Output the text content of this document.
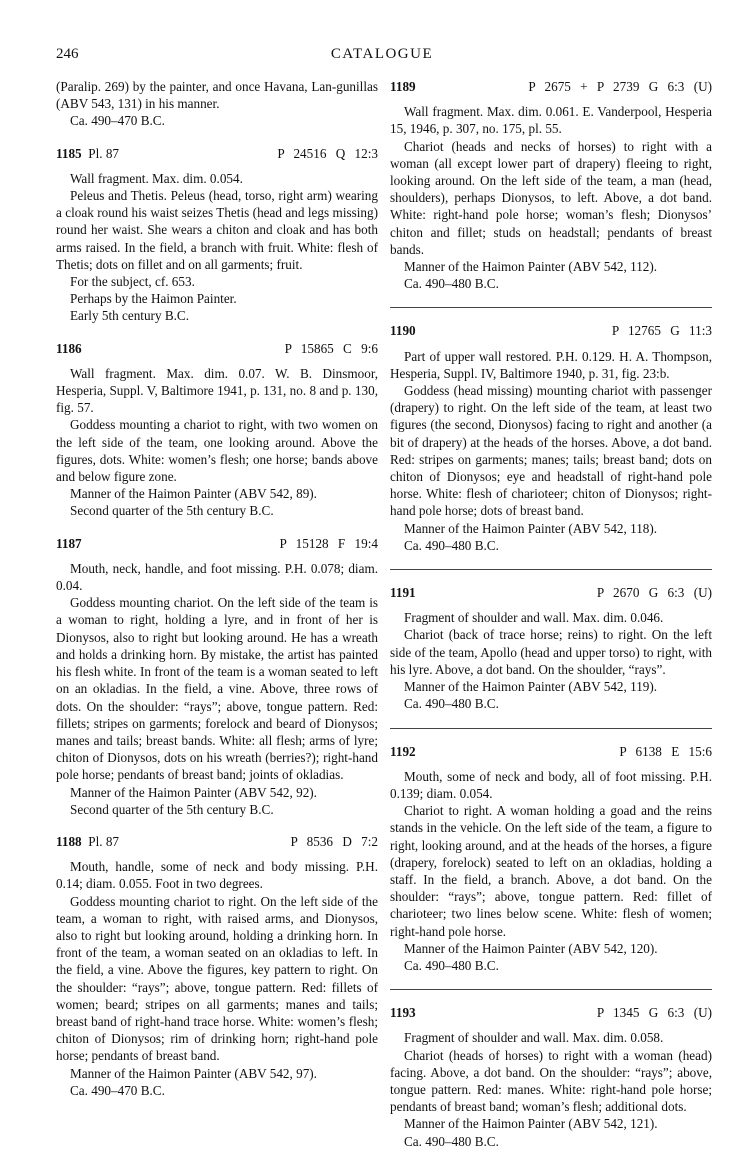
246	CATALOGUE

(Paralip. 269) by the painter, and once Havana, Lan-gunillas (ABV 543, 131) in his manner.

Ca. 490–470 B.C.

1185 Pl. 87	P 24516 Q 12:3

Wall fragment. Max. dim. 0.054.

Peleus and Thetis. Peleus (head, torso, right arm) wearing a cloak round his waist seizes Thetis (head and legs missing) round her waist. She wears a chiton and cloak and has both arms raised. In the field, a branch with fruit. White: flesh of Thetis; dots on fillet and on all garments; fruit.

For the subject, cf. 653.

Perhaps by the Haimon Painter.

Early 5th century B.C.

1186	P 15865 C 9:6

Wall fragment. Max. dim. 0.07. W. B. Dinsmoor, Hesperia, Suppl. V, Baltimore 1941, p. 131, no. 8 and p. 130, fig. 57.

Goddess mounting a chariot to right, with two women on the left side of the team, one looking around. Above the figures, dots. White: women’s flesh; one horse; bands above and below figure zone.

Manner of the Haimon Painter (ABV 542, 89).

Second quarter of the 5th century B.C.

1187	P 15128 F 19:4

Mouth, neck, handle, and foot missing. P.H. 0.078; diam. 0.04.

Goddess mounting chariot. On the left side of the team is a woman to right, holding a lyre, and in front of her is Dionysos, also to right but looking around. He has a wreath and holds a drinking horn. By mistake, the artist has painted his flesh white. In front of the team is a woman seated to left on an okladias. In the field, a vine. Above, three rows of dots. On the shoulder: “rays”; above, tongue pattern. Red: fillets; stripes on garments; forelock and beard of Dionysos; manes and tails; breast bands. White: all flesh; arms of lyre; chiton of Dionysos, dots on his wreath (berries?); right-hand pole horse; pendants of breast band; joints of okladias.

Manner of the Haimon Painter (ABV 542, 92).

Second quarter of the 5th century B.C.

1188 Pl. 87	P 8536 D 7:2

Mouth, handle, some of neck and body missing. P.H. 0.14; diam. 0.055. Foot in two degrees.

Goddess mounting chariot to right. On the left side of the team, a woman to right, with raised arms, and Dionysos, also to right but looking around, holding a drinking horn. In front of the team, a woman seated on an okladias to left. In the field, a vine. Above the figures, key pattern to right. On the shoulder: “rays”; above, tongue pattern. Red: fillets of women; beard; stripes on all garments; manes and tails; breast band of right-hand trace horse. White: women’s flesh; chiton of Dionysos; rim of drinking horn; right-hand pole horse; pendants of breast band.

Manner of the Haimon Painter (ABV 542, 97).

Ca. 490–470 B.C.

1189	P 2675 + P 2739 G 6:3 (U)

Wall fragment. Max. dim. 0.061. E. Vanderpool, Hesperia 15, 1946, p. 307, no. 175, pl. 55.

Chariot (heads and necks of horses) to right with a woman (all except lower part of drapery) fleeing to right, looking around. On the left side of the team, a man (head, shoulders), perhaps Dionysos, to left. Above, a dot band. White: right-hand pole horse; woman’s flesh; Dionysos’ chiton and fillet; studs on headstall; pendants of breast bands.

Manner of the Haimon Painter (ABV 542, 112).

Ca. 490–480 B.C.

1190	P 12765 G 11:3

Part of upper wall restored. P.H. 0.129. H. A. Thompson, Hesperia, Suppl. IV, Baltimore 1940, p. 31, fig. 23:b.

Goddess (head missing) mounting chariot with passenger (drapery) to right. On the left side of the team, at least two figures (the second, Dionysos) facing to right and another (a bit of drapery) at the heads of the horses. Above, a dot band. Red: stripes on garments; manes; tails; breast band; dots on chiton of Dionysos; eye and headstall of right-hand pole horse. White: flesh of charioteer; chiton of Dionysos; right-hand pole horse; dots of breast band.

Manner of the Haimon Painter (ABV 542, 118).

Ca. 490–480 B.C.

1191	P 2670 G 6:3 (U)

Fragment of shoulder and wall. Max. dim. 0.046.

Chariot (back of trace horse; reins) to right. On the left side of the team, Apollo (head and upper torso) to right, with his lyre. Above, a dot band. On the shoulder, “rays”.

Manner of the Haimon Painter (ABV 542, 119).

Ca. 490–480 B.C.

1192	P 6138 E 15:6

Mouth, some of neck and body, all of foot missing. P.H. 0.139; diam. 0.054.

Chariot to right. A woman holding a goad and the reins stands in the vehicle. On the left side of the team, a figure to right, looking around, and at the heads of the horses, a figure (drapery, forelock) seated to left on an okladias, holding a staff. In the field, a branch. Above, a dot band. On the shoulder: “rays”; above, tongue pattern. Red: fillet of charioteer; two lines below scene. White: flesh of women; right-hand pole horse.

Manner of the Haimon Painter (ABV 542, 120).

Ca. 490–480 B.C.

1193	P 1345 G 6:3 (U)

Fragment of shoulder and wall. Max. dim. 0.058.

Chariot (heads of horses) to right with a woman (head) facing. Above, a dot band. On the shoulder: “rays”; above, tongue pattern. Red: manes. White: right-hand pole horse; pendants of breast band; woman’s flesh; additional dots.

Manner of the Haimon Painter (ABV 542, 121).

Ca. 490–480 B.C.
